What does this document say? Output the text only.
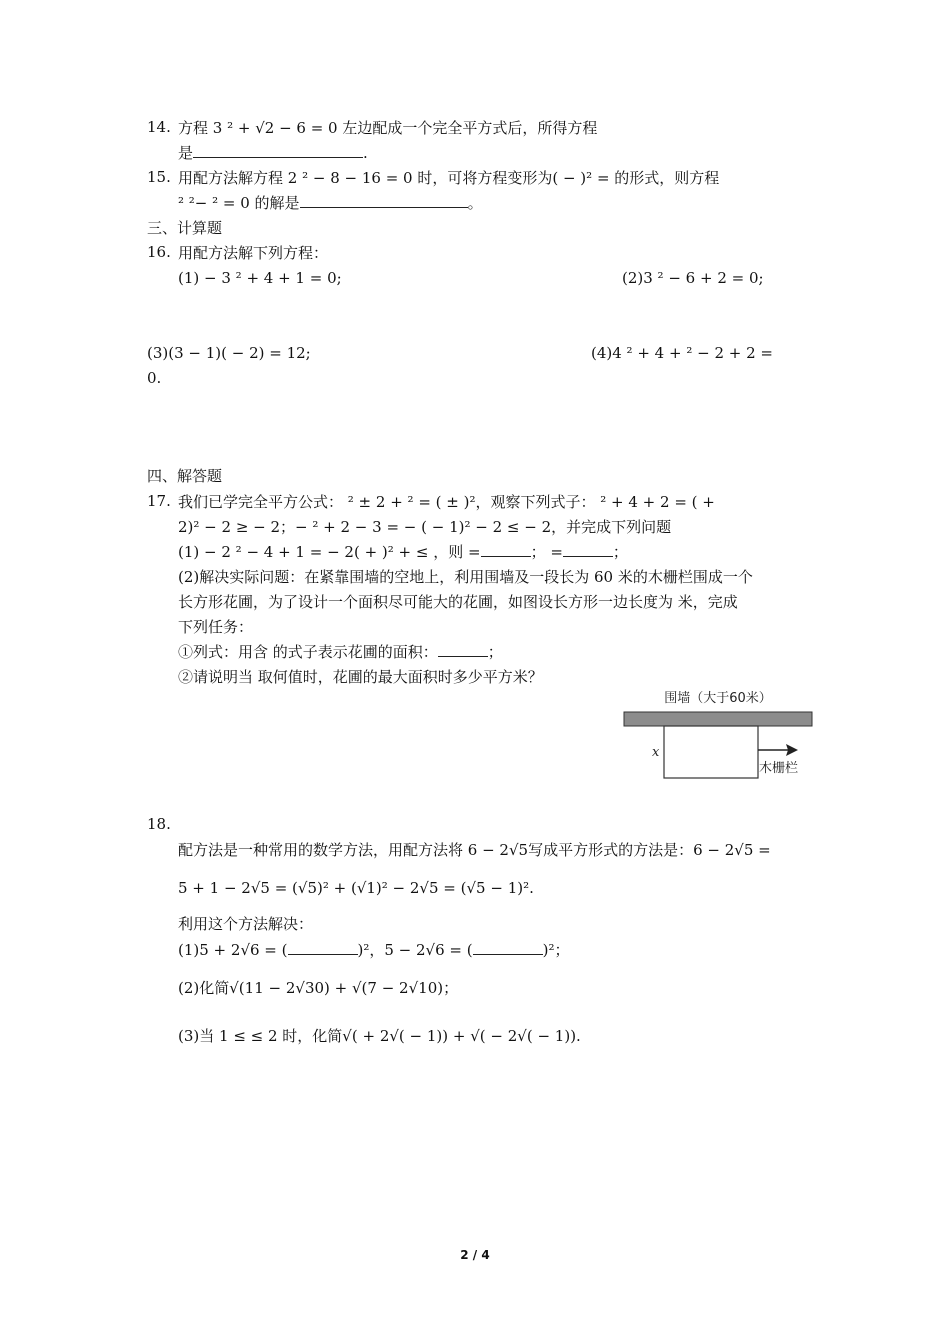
14. 方程 3 ² + √2 − 6 = 0 左边配成一个完全平方式后，所得方程
是	.
15. 用配方法解方程 2 ² − 8 − 16 = 0 时，可将方程变形为( − )² = 的形式，则方程
² ²− ² = 0 的解是	。
三、计算题
16. 用配方法解下列方程：
(1) − 3 ² + 4 + 1 = 0;	(2)3 ² − 6 + 2 = 0;
(3)(3 − 1)( − 2) = 12;	(4)4 ² + 4 + ² − 2 + 2 =
0.
四、解答题
17. 我们已学完全平方公式： ² ± 2 + ² = ( ± )²，观察下列式子： ² + 4 + 2 = ( +
2)² − 2 ≥ − 2；− ² + 2 − 3 = − ( − 1)² − 2 ≤ − 2，并完成下列问题
(1) − 2 ² − 4 + 1 = − 2( + )² + ≤ ，则 =	； =	；
(2)解决实际问题：在紧靠围墙的空地上，利用围墙及一段长为 60 米的木栅栏围成一个
长方形花圃，为了设计一个面积尽可能大的花圃，如图设长方形一边长度为 米，完成
下列任务：
①列式：用含 的式子表示花圃的面积：	；
②请说明当 取何值时，花圃的最大面积时多少平方米？
围墙（大于60米）
x
木栅栏
18.
配方法是一种常用的数学方法，用配方法将 6 − 2√5写成平方形式的方法是：6 − 2√5 =
5 + 1 − 2√5 = (√5)² + (√1)² − 2√5 = (√5 − 1)².
利用这个方法解决：
(1)5 + 2√6 = (	)²，5 − 2√6 = (	)²；
(2)化简√(11 − 2√30) + √(7 − 2√10)；
(3)当 1 ≤ ≤ 2 时，化简√( + 2√( − 1)) + √( − 2√( − 1)).
2 / 4
